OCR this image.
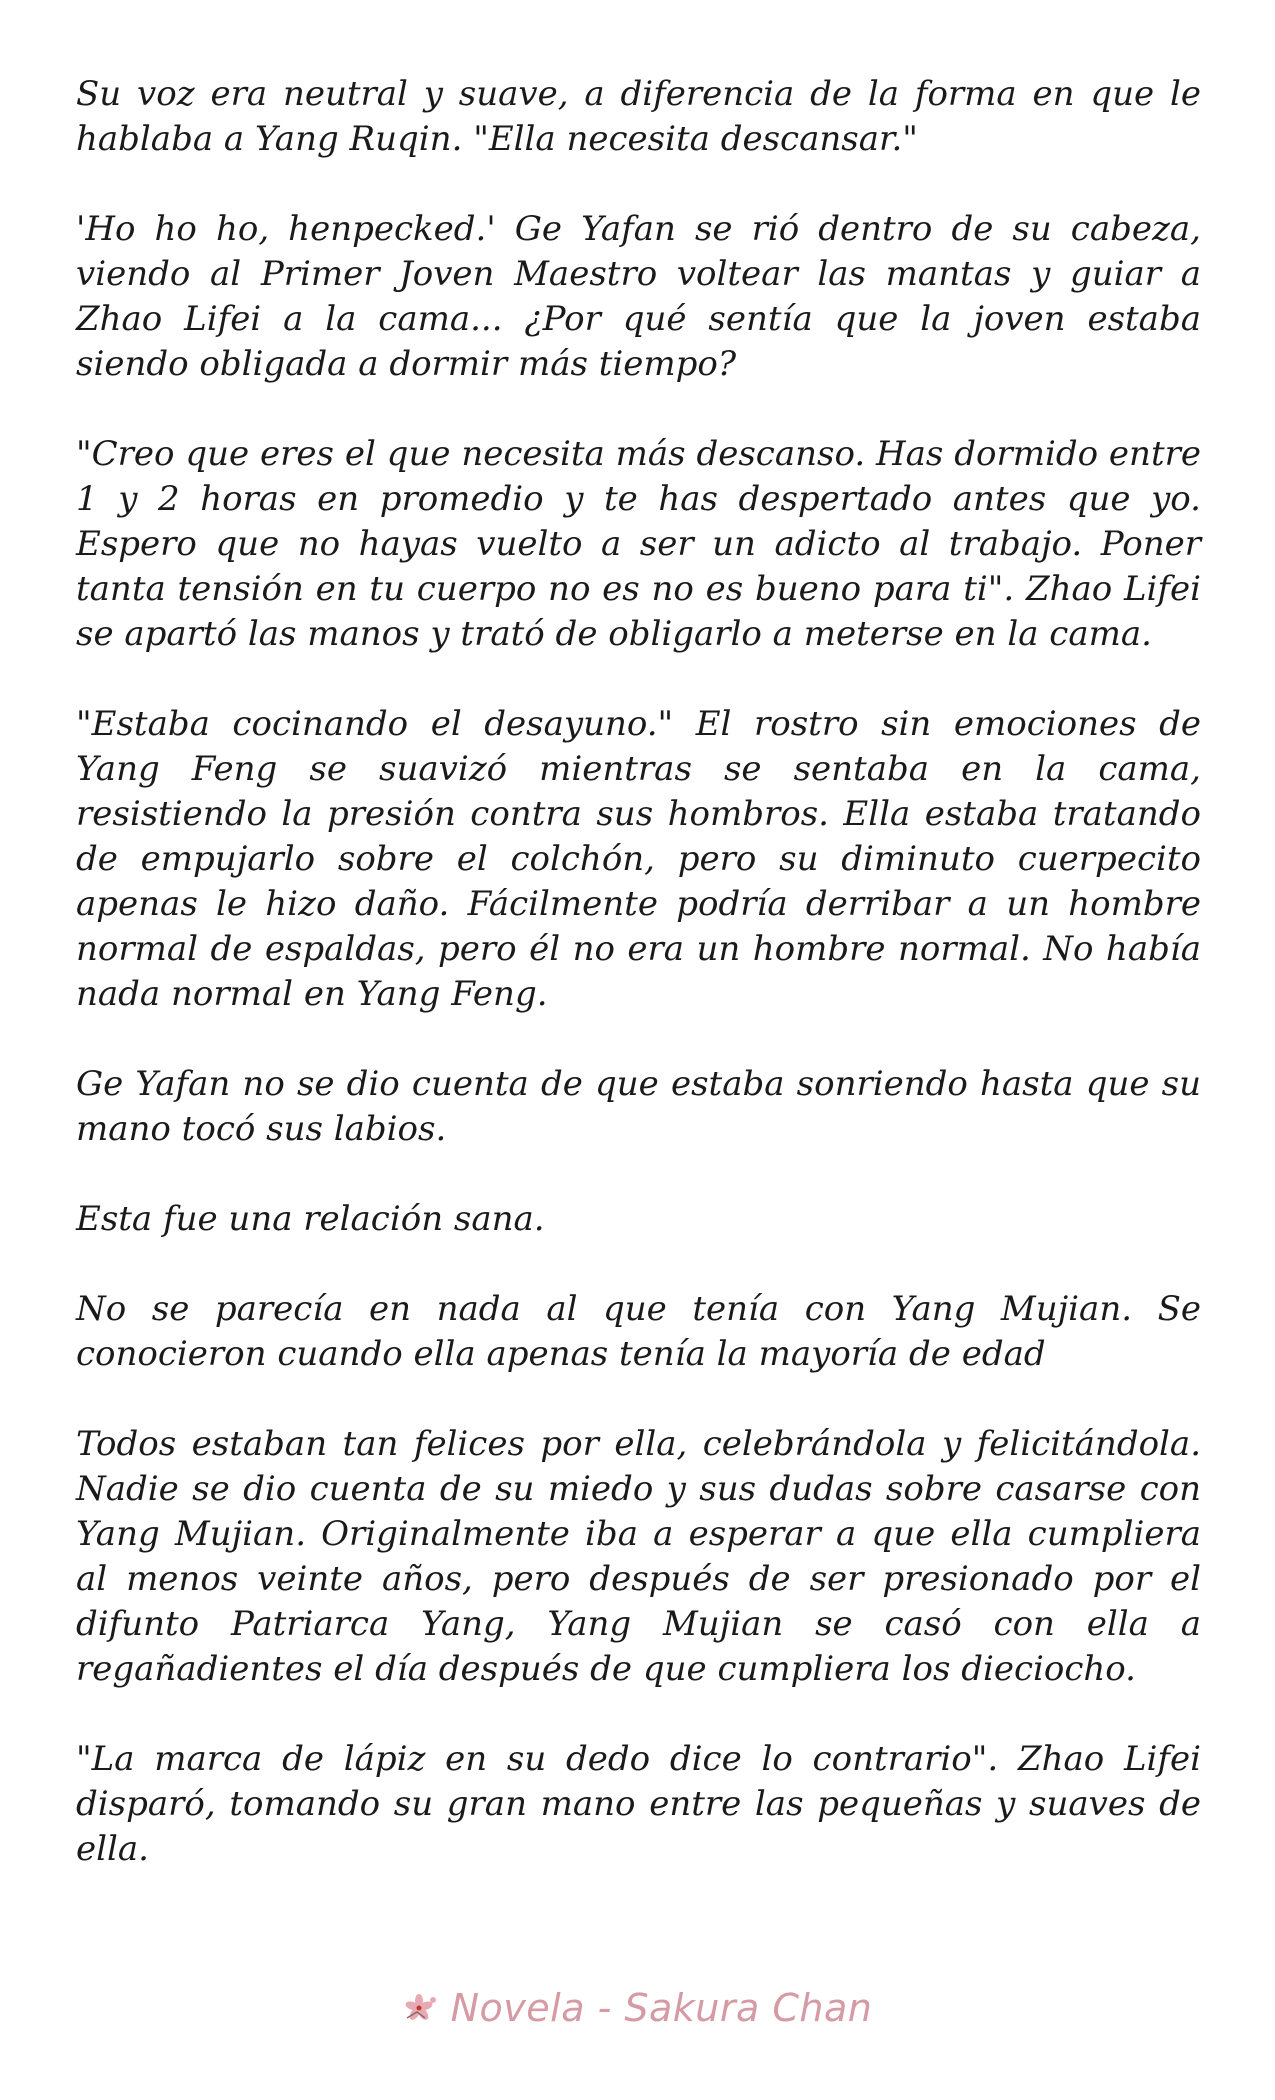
Su voz era neutral y suave, a diferencia de la forma en que le hablaba a Yang Ruqin. "Ella necesita descansar."

'Ho ho ho, henpecked.' Ge Yafan se rió dentro de su cabeza, viendo al Primer Joven Maestro voltear las mantas y guiar a Zhao Lifei a la cama... ¿Por qué sentía que la joven estaba siendo obligada a dormir más tiempo?

"Creo que eres el que necesita más descanso. Has dormido entre 1 y 2 horas en promedio y te has despertado antes que yo. Espero que no hayas vuelto a ser un adicto al trabajo. Poner tanta tensión en tu cuerpo no es no es bueno para ti". Zhao Lifei se apartó las manos y trató de obligarlo a meterse en la cama.

"Estaba cocinando el desayuno." El rostro sin emociones de Yang Feng se suavizó mientras se sentaba en la cama, resistiendo la presión contra sus hombros. Ella estaba tratando de empujarlo sobre el colchón, pero su diminuto cuerpecito apenas le hizo daño. Fácilmente podría derribar a un hombre normal de espaldas, pero él no era un hombre normal. No había nada normal en Yang Feng.

Ge Yafan no se dio cuenta de que estaba sonriendo hasta que su mano tocó sus labios.

Esta fue una relación sana.

No se parecía en nada al que tenía con Yang Mujian. Se conocieron cuando ella apenas tenía la mayoría de edad

Todos estaban tan felices por ella, celebrándola y felicitándola. Nadie se dio cuenta de su miedo y sus dudas sobre casarse con Yang Mujian. Originalmente iba a esperar a que ella cumpliera al menos veinte años, pero después de ser presionado por el difunto Patriarca Yang, Yang Mujian se casó con ella a regañadientes el día después de que cumpliera los dieciocho.

"La marca de lápiz en su dedo dice lo contrario". Zhao Lifei disparó, tomando su gran mano entre las pequeñas y suaves de ella.

Novela - Sakura Chan
